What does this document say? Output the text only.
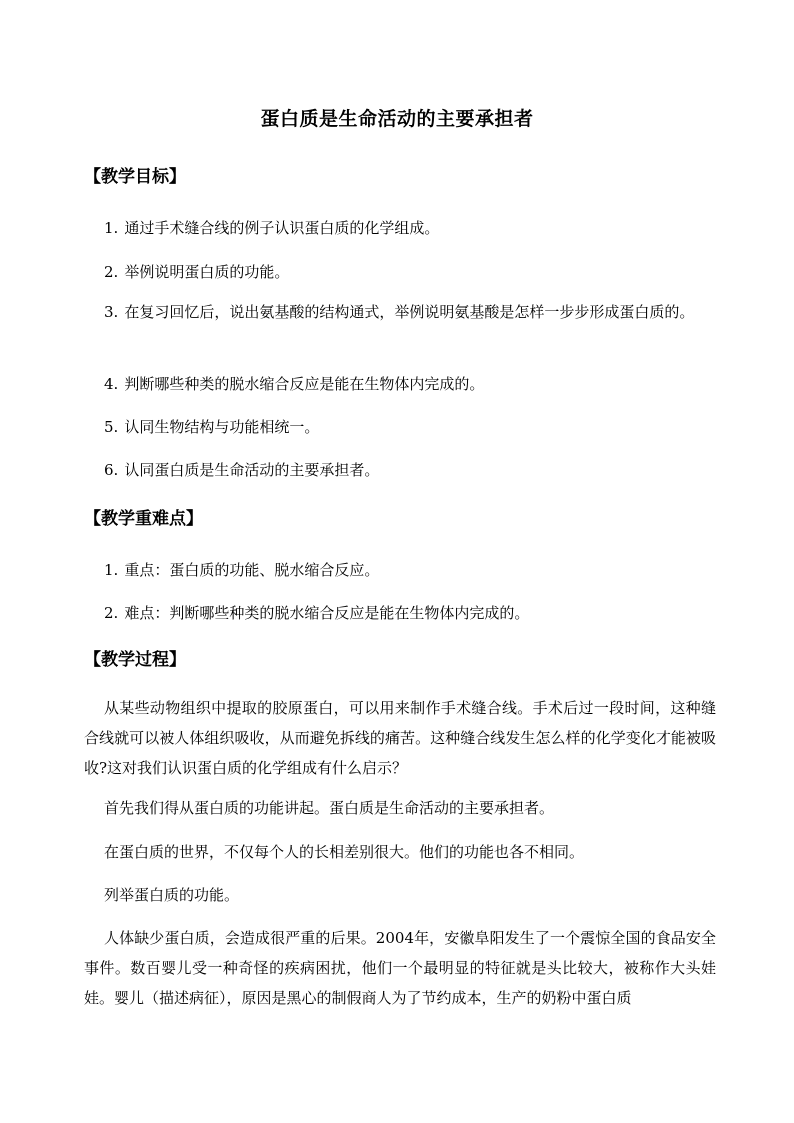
蛋白质是生命活动的主要承担者
【教学目标】

1. 通过手术缝合线的例子认识蛋白质的化学组成。

2. 举例说明蛋白质的功能。

3. 在复习回忆后，说出氨基酸的结构通式，举例说明氨基酸是怎样一步步形成蛋白质的。

4. 判断哪些种类的脱水缩合反应是能在生物体内完成的。

5. 认同生物结构与功能相统一。

6. 认同蛋白质是生命活动的主要承担者。

【教学重难点】

1. 重点：蛋白质的功能、脱水缩合反应。

2. 难点：判断哪些种类的脱水缩合反应是能在生物体内完成的。

【教学过程】

从某些动物组织中提取的胶原蛋白，可以用来制作手术缝合线。手术后过一段时间，这种缝合线就可以被人体组织吸收，从而避免拆线的痛苦。这种缝合线发生怎么样的化学变化才能被吸收?这对我们认识蛋白质的化学组成有什么启示？

首先我们得从蛋白质的功能讲起。蛋白质是生命活动的主要承担者。

在蛋白质的世界，不仅每个人的长相差别很大。他们的功能也各不相同。

列举蛋白质的功能。

人体缺少蛋白质，会造成很严重的后果。2004年，安徽阜阳发生了一个震惊全国的食品安全事件。数百婴儿受一种奇怪的疾病困扰，他们一个最明显的特征就是头比较大，被称作大头娃娃。婴儿（描述病征），原因是黑心的制假商人为了节约成本，生产的奶粉中蛋白质
